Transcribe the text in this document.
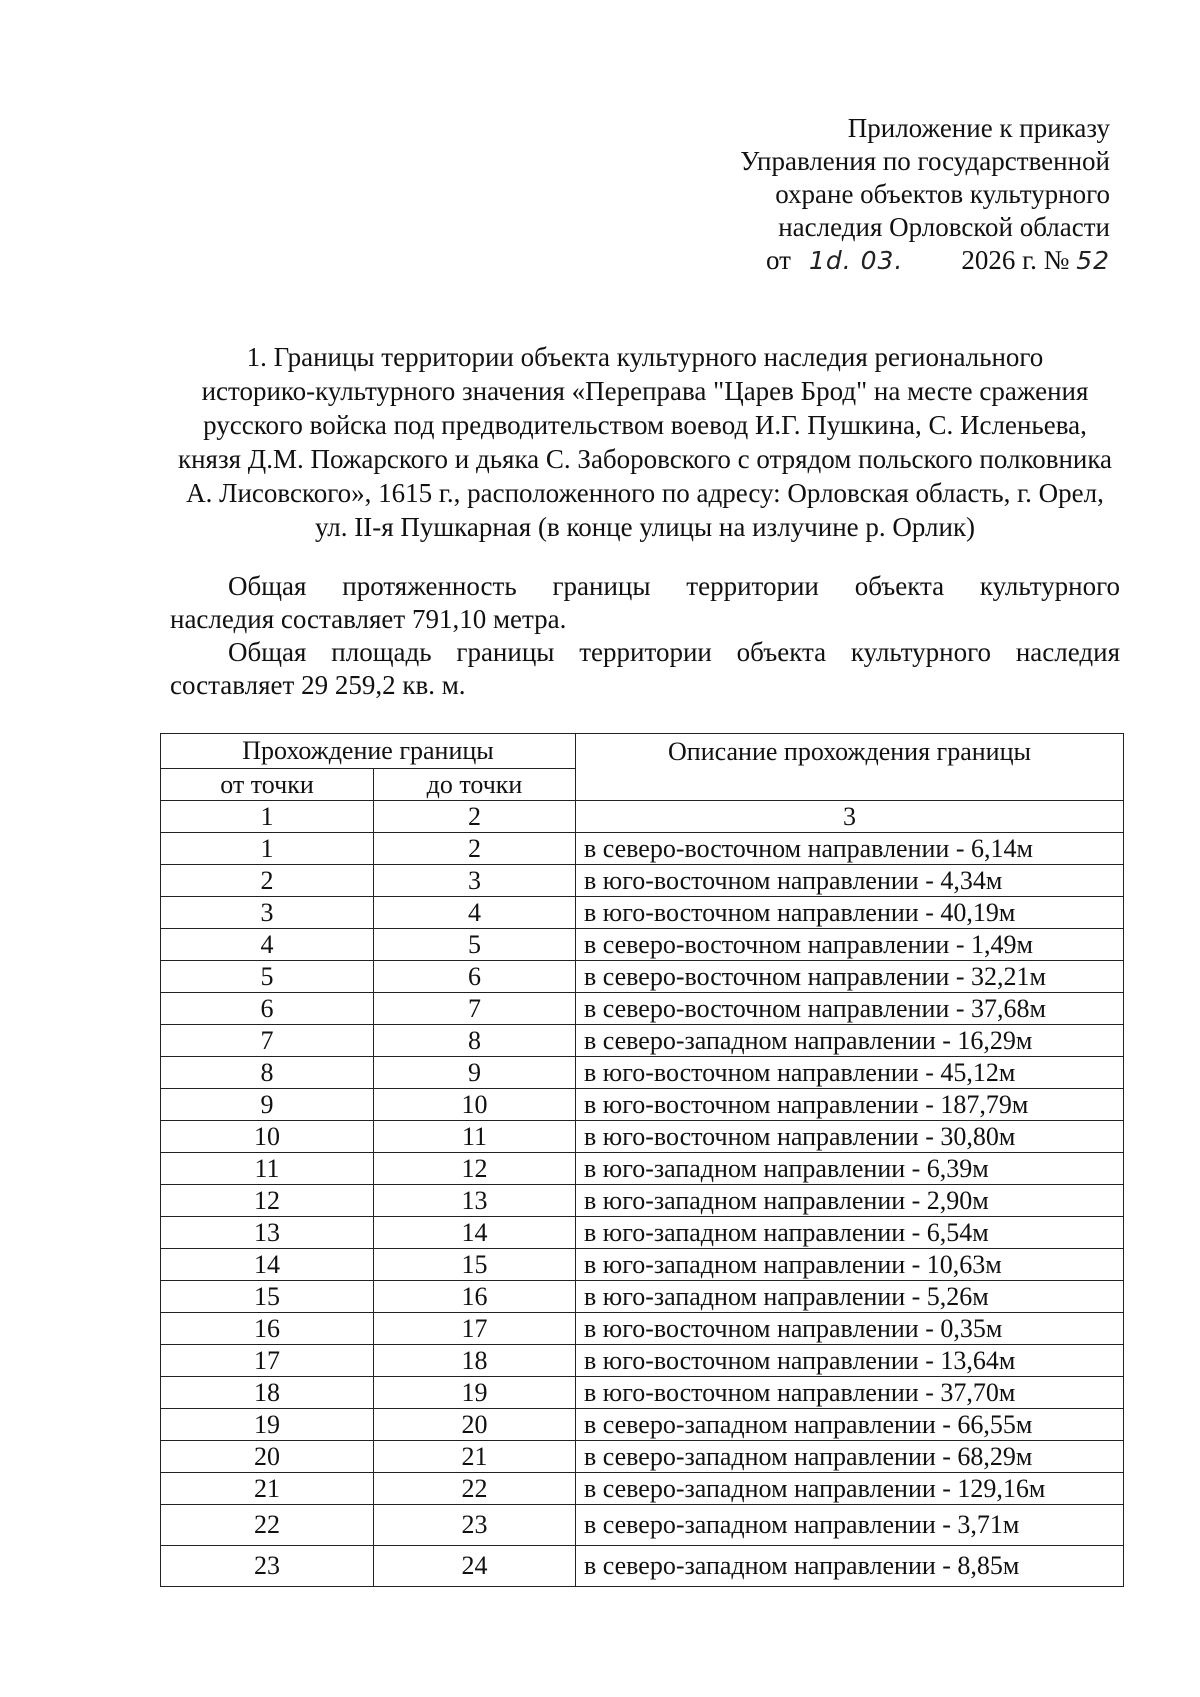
Приложение к приказу
Управления по государственной
охране объектов культурного
наследия Орловской области
от 1d. 03. 2026 г. № 52
1. Границы территории объекта культурного наследия регионального
историко-культурного значения «Переправа "Царев Брод" на месте сражения
русского войска под предводительством воевод И.Г. Пушкина, С. Исленьева,
князя Д.М. Пожарского и дьяка С. Заборовского с отрядом польского полковника
А. Лисовского», 1615 г., расположенного по адресу: Орловская область, г. Орел,
ул. II-я Пушкарная (в конце улицы на излучине р. Орлик)
Общая протяженность границы территории объекта культурного
наследия составляет 791,10 метра.
Общая площадь границы территории объекта культурного наследия
составляет 29 259,2 кв. м.
Прохождение границы		Описание прохождения границы
от точки	до точки	
1	2	3
1	2	в северо-восточном направлении - 6,14м
2	3	в юго-восточном направлении - 4,34м
3	4	в юго-восточном направлении - 40,19м
4	5	в северо-восточном направлении - 1,49м
5	6	в северо-восточном направлении - 32,21м
6	7	в северо-восточном направлении - 37,68м
7	8	в северо-западном направлении - 16,29м
8	9	в юго-восточном направлении - 45,12м
9	10	в юго-восточном направлении - 187,79м
10	11	в юго-восточном направлении - 30,80м
11	12	в юго-западном направлении - 6,39м
12	13	в юго-западном направлении - 2,90м
13	14	в юго-западном направлении - 6,54м
14	15	в юго-западном направлении - 10,63м
15	16	в юго-западном направлении - 5,26м
16	17	в юго-восточном направлении - 0,35м
17	18	в юго-восточном направлении - 13,64м
18	19	в юго-восточном направлении - 37,70м
19	20	в северо-западном направлении - 66,55м
20	21	в северо-западном направлении - 68,29м
21	22	в северо-западном направлении - 129,16м
22	23	в северо-западном направлении - 3,71м
23	24	в северо-западном направлении - 8,85м
